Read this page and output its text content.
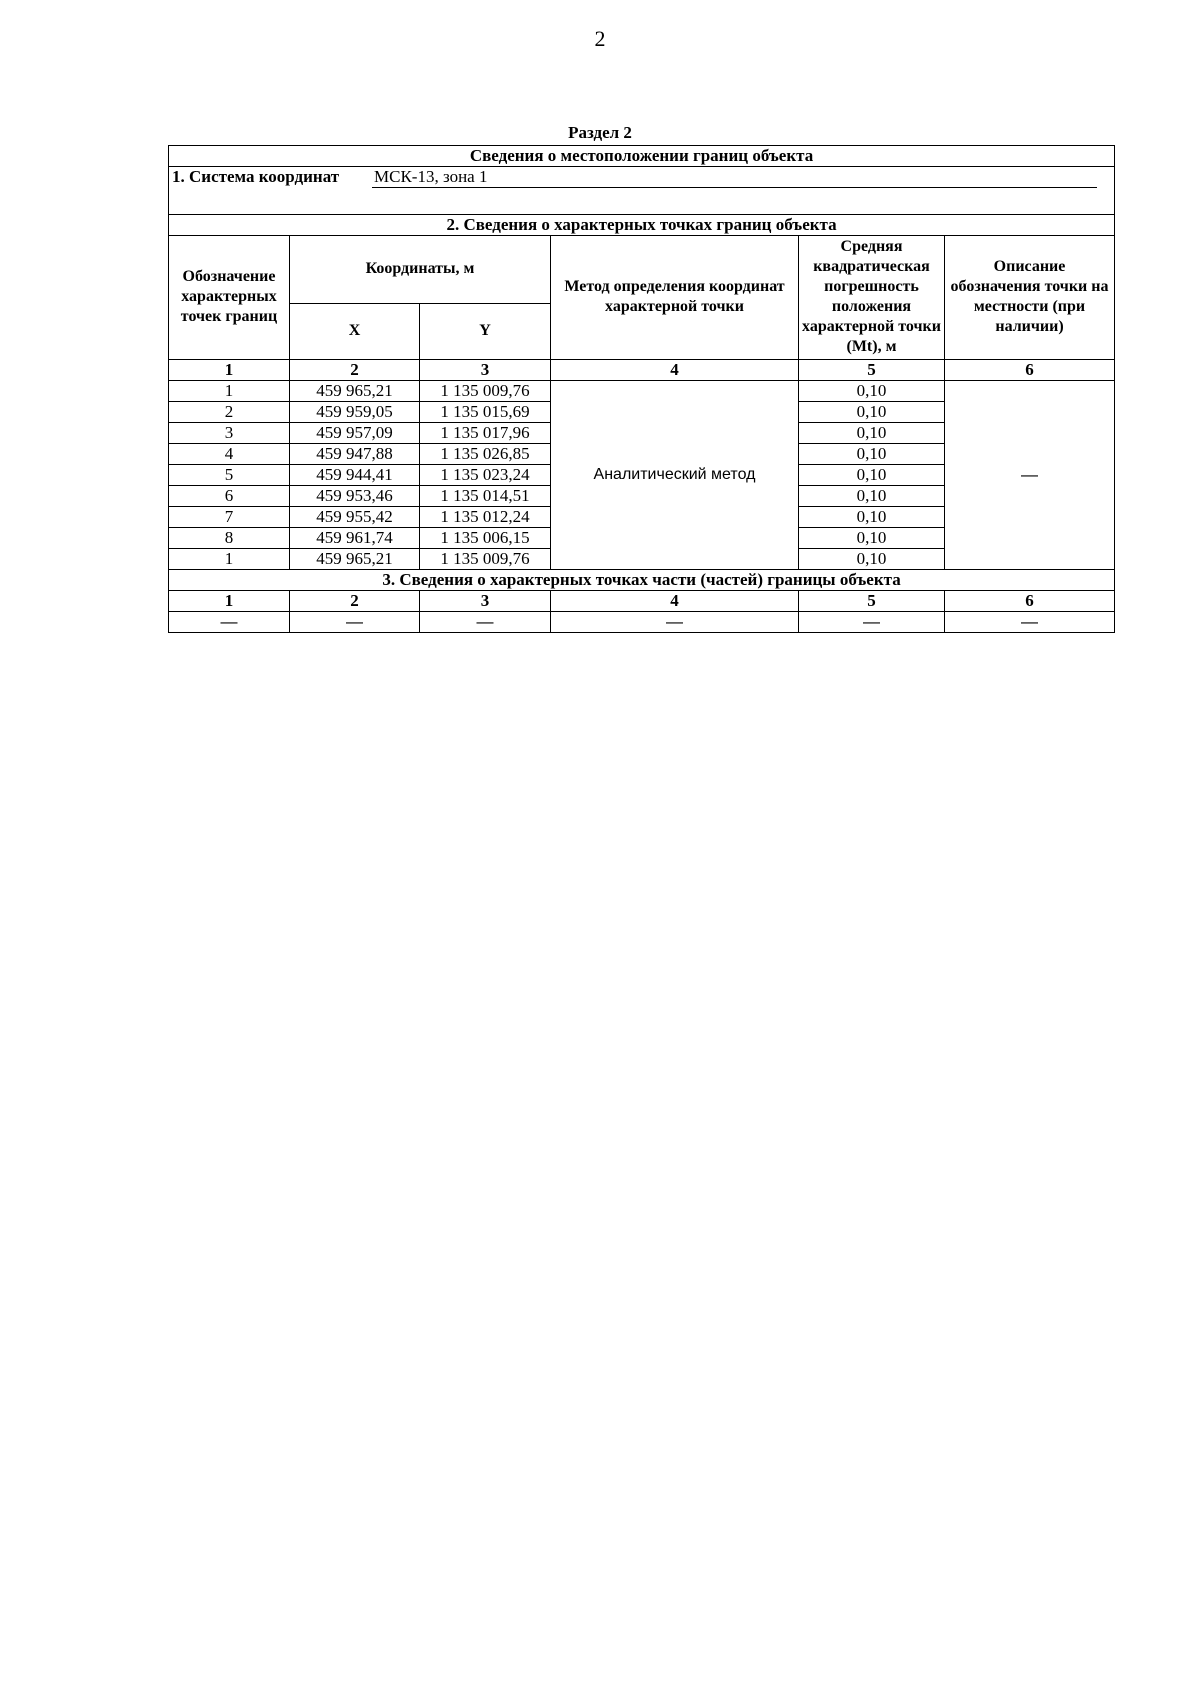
2
Раздел 2
Сведения о местоположении границ объекта					
1. Система координат МСК-13, зона 1					

2. Сведения о характерных точках границ объекта					
Обозначение характерных точек границ	Координаты, м		Метод определения координат характерной точки	Средняя квадратическая погрешность положения характерной точки (Mt), м	Описание обозначения точки на местности (при наличии)
	X	Y			
1	2	3	4	5	6
1	459 965,21	1 135 009,76	Аналитический метод	0,10	—
2	459 959,05	1 135 015,69		0,10	
3	459 957,09	1 135 017,96		0,10	
4	459 947,88	1 135 026,85		0,10	
5	459 944,41	1 135 023,24		0,10	
6	459 953,46	1 135 014,51		0,10	
7	459 955,42	1 135 012,24		0,10	
8	459 961,74	1 135 006,15		0,10	
1	459 965,21	1 135 009,76		0,10	
3. Сведения о характерных точках части (частей) границы объекта					
1	2	3	4	5	6
—	—	—	—	—	—
